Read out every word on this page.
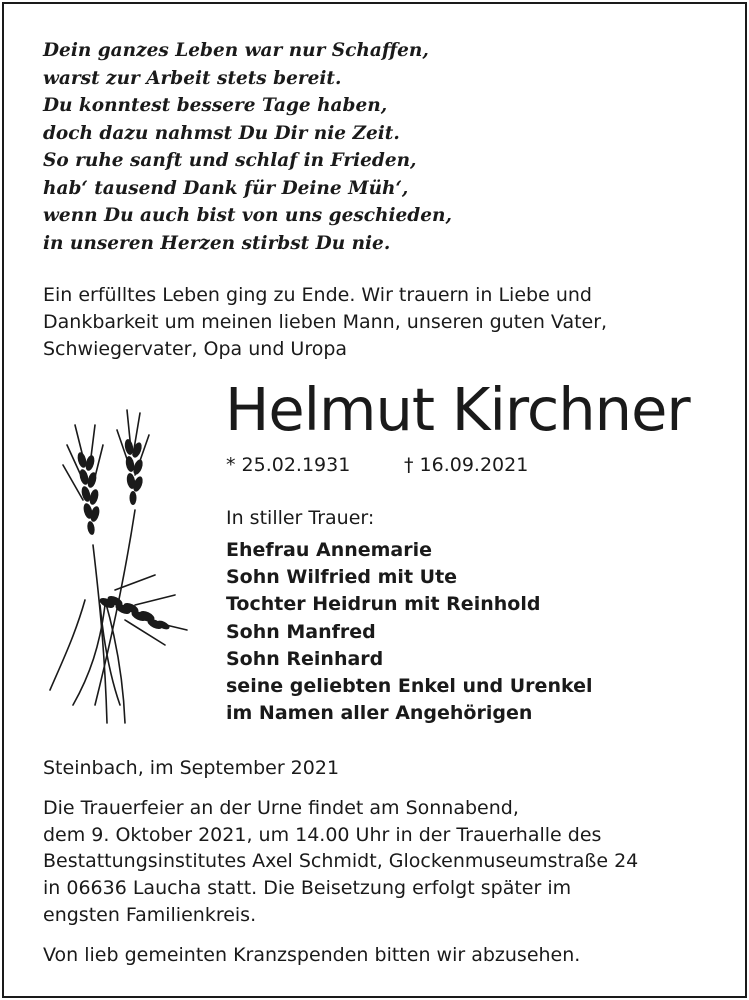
Dein ganzes Leben war nur Schaffen,
warst zur Arbeit stets bereit.
Du konntest bessere Tage haben,
doch dazu nahmst Du Dir nie Zeit.
So ruhe sanft und schlaf in Frieden,
hab‘ tausend Dank für Deine Müh‘,
wenn Du auch bist von uns geschieden,
in unseren Herzen stirbst Du nie.
Ein erfülltes Leben ging zu Ende. Wir trauern in Liebe und
Dankbarkeit um meinen lieben Mann, unseren guten Vater,
Schwiegervater, Opa und Uropa
Helmut Kirchner
* 25.02.1931	† 16.09.2021
In stiller Trauer:
Ehefrau Annemarie
Sohn Wilfried mit Ute
Tochter Heidrun mit Reinhold
Sohn Manfred
Sohn Reinhard
seine geliebten Enkel und Urenkel
im Namen aller Angehörigen
Steinbach, im September 2021
Die Trauerfeier an der Urne findet am Sonnabend,
dem 9. Oktober 2021, um 14.00 Uhr in der Trauerhalle des
Bestattungsinstitutes Axel Schmidt, Glockenmuseumstraße 24
in 06636 Laucha statt. Die Beisetzung erfolgt später im
engsten Familienkreis.
Von lieb gemeinten Kranzspenden bitten wir abzusehen.
